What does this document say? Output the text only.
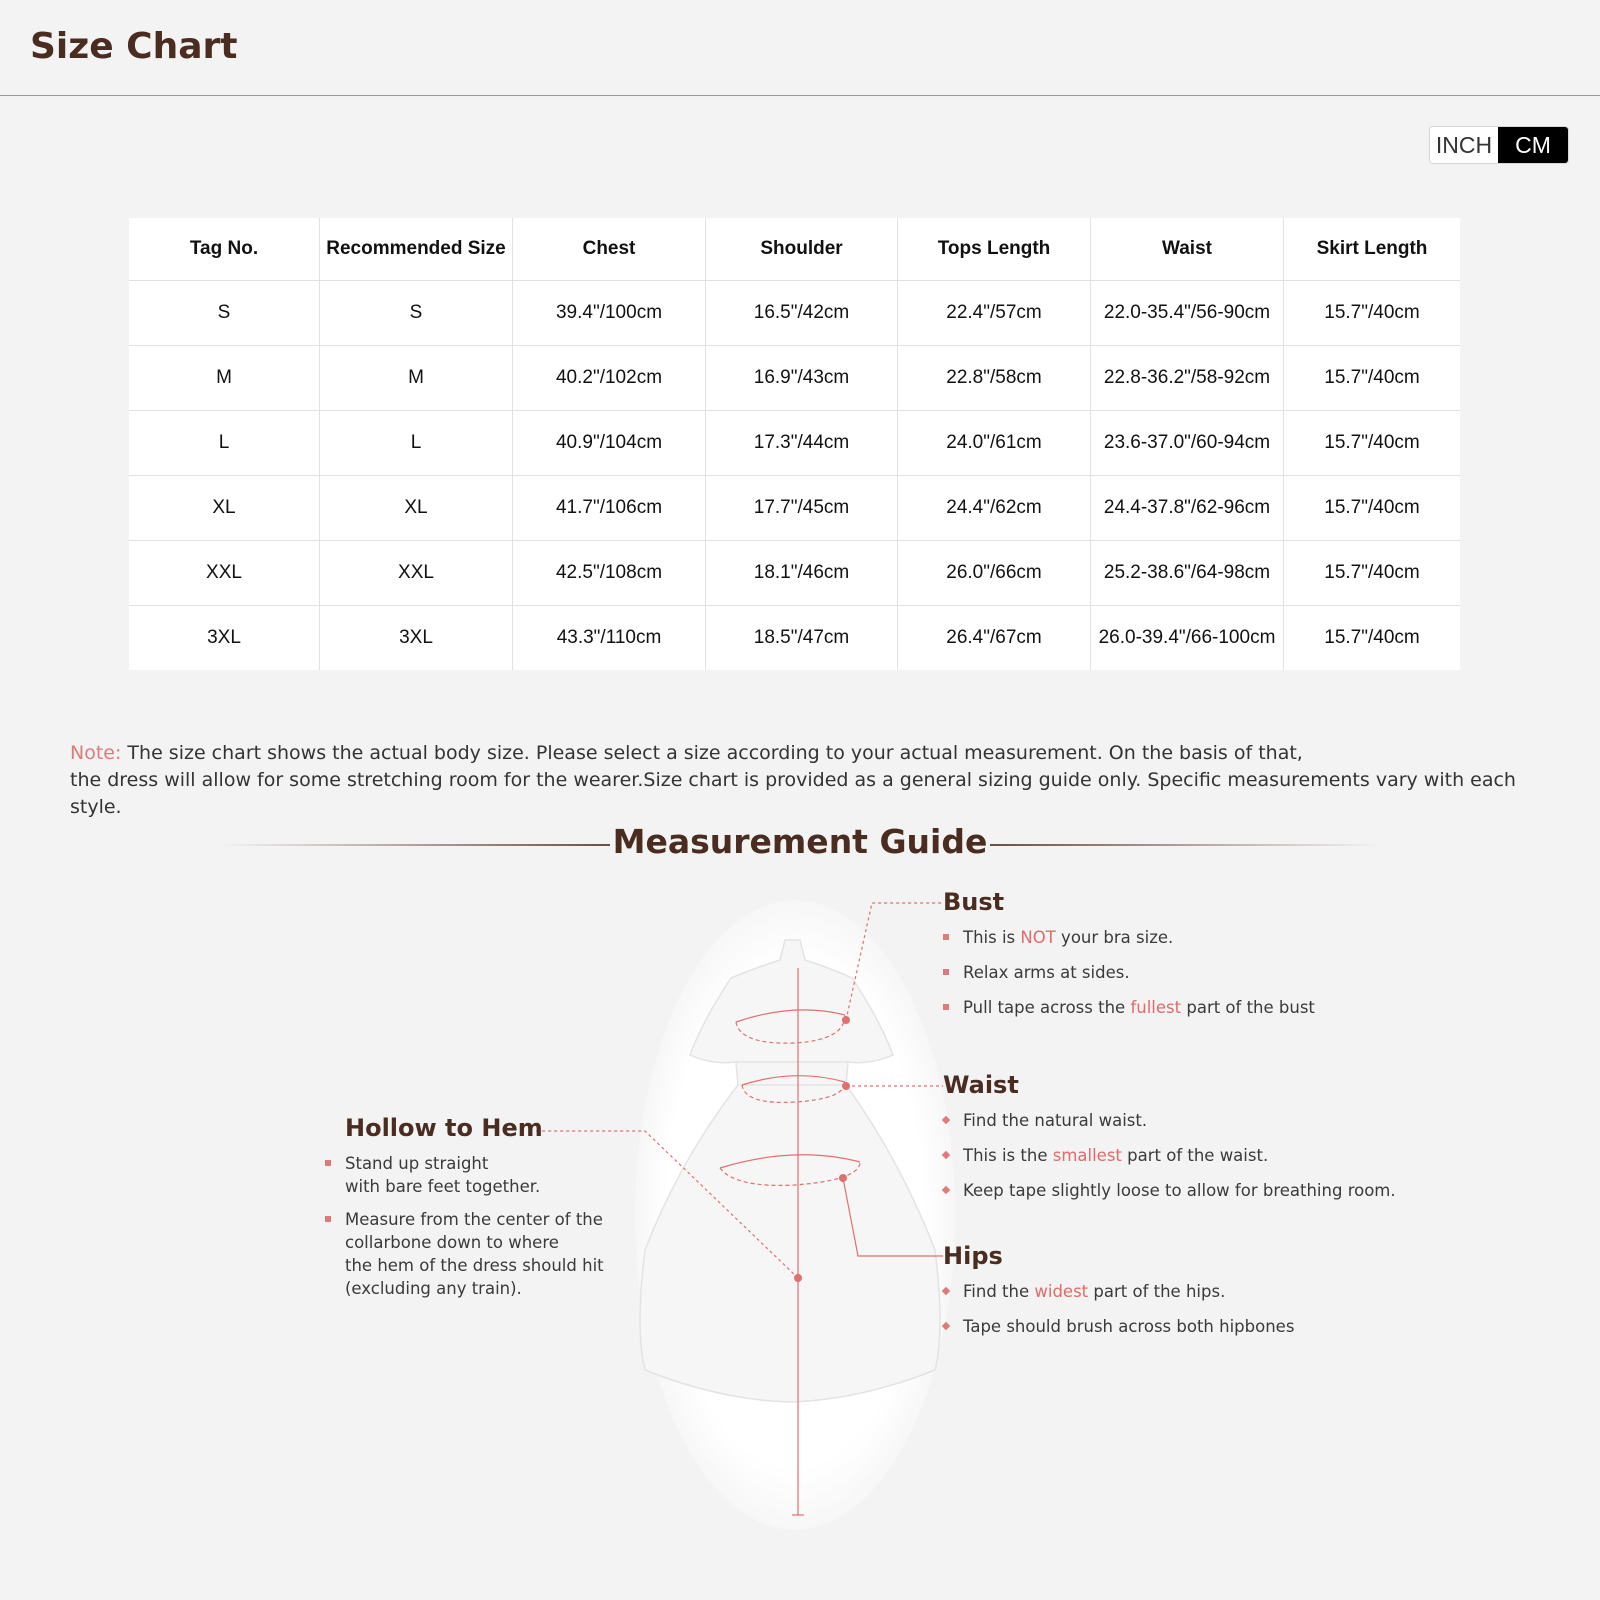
Size Chart
INCH CM
Tag No.	Recommended Size	Chest	Shoulder	Tops Length	Waist	Skirt Length
S	S	39.4"/100cm	16.5"/42cm	22.4"/57cm	22.0-35.4"/56-90cm	15.7"/40cm
M	M	40.2"/102cm	16.9"/43cm	22.8"/58cm	22.8-36.2"/58-92cm	15.7"/40cm
L	L	40.9"/104cm	17.3"/44cm	24.0"/61cm	23.6-37.0"/60-94cm	15.7"/40cm
XL	XL	41.7"/106cm	17.7"/45cm	24.4"/62cm	24.4-37.8"/62-96cm	15.7"/40cm
XXL	XXL	42.5"/108cm	18.1"/46cm	26.0"/66cm	25.2-38.6"/64-98cm	15.7"/40cm
3XL	3XL	43.3"/110cm	18.5"/47cm	26.4"/67cm	26.0-39.4"/66-100cm	15.7"/40cm

Note: The size chart shows the actual body size. Please select a size according to your actual measurement. On the basis of that,
the dress will allow for some stretching room for the wearer.Size chart is provided as a general sizing guide only. Specific measurements vary with each style.

Measurement Guide
Bust
This is NOT your bra size.
Relax arms at sides.
Pull tape across the fullest part of the bust
Waist
Find the natural waist.
This is the smallest part of the waist.
Keep tape slightly loose to allow for breathing room.
Hips
Find the widest part of the hips.
Tape should brush across both hipbones
Hollow to Hem
Stand up straight
with bare feet together.
Measure from the center of the
collarbone down to where
the hem of the dress should hit
(excluding any train).
